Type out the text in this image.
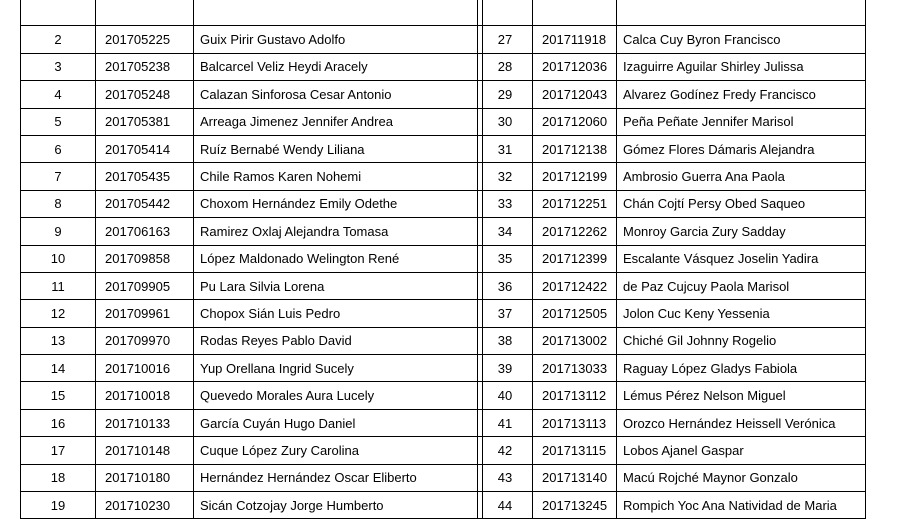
2	201705225	Guix Pirir Gustavo Adolfo
3	201705238	Balcarcel Veliz Heydi Aracely
4	201705248	Calazan Sinforosa Cesar Antonio
5	201705381	Arreaga Jimenez Jennifer Andrea
6	201705414	Ruíz Bernabé Wendy Liliana
7	201705435	Chile Ramos Karen Nohemi
8	201705442	Choxom Hernández Emily Odethe
9	201706163	Ramirez Oxlaj Alejandra Tomasa
10	201709858	López Maldonado Welington René
11	201709905	Pu Lara Silvia Lorena
12	201709961	Chopox Sián Luis Pedro
13	201709970	Rodas Reyes Pablo David
14	201710016	Yup Orellana Ingrid Sucely
15	201710018	Quevedo Morales Aura Lucely
16	201710133	García Cuyán Hugo Daniel
17	201710148	Cuque López Zury Carolina
18	201710180	Hernández Hernández Oscar Eliberto
19	201710230	Sicán Cotzojay Jorge Humberto

27	201711918	Calca Cuy Byron Francisco
28	201712036	Izaguirre Aguilar Shirley Julissa
29	201712043	Alvarez Godínez Fredy Francisco
30	201712060	Peña Peñate Jennifer Marisol
31	201712138	Gómez Flores Dámaris Alejandra
32	201712199	Ambrosio Guerra Ana Paola
33	201712251	Chán Cojtí Persy Obed Saqueo
34	201712262	Monroy Garcia Zury Sadday
35	201712399	Escalante Vásquez Joselin Yadira
36	201712422	de Paz Cujcuy Paola Marisol
37	201712505	Jolon Cuc Keny Yessenia
38	201713002	Chiché Gil Johnny Rogelio
39	201713033	Raguay López Gladys Fabiola
40	201713112	Lémus Pérez Nelson Miguel
41	201713113	Orozco Hernández Heissell Verónica
42	201713115	Lobos Ajanel Gaspar
43	201713140	Macú Rojché Maynor Gonzalo
44	201713245	Rompich Yoc Ana Natividad de Maria
